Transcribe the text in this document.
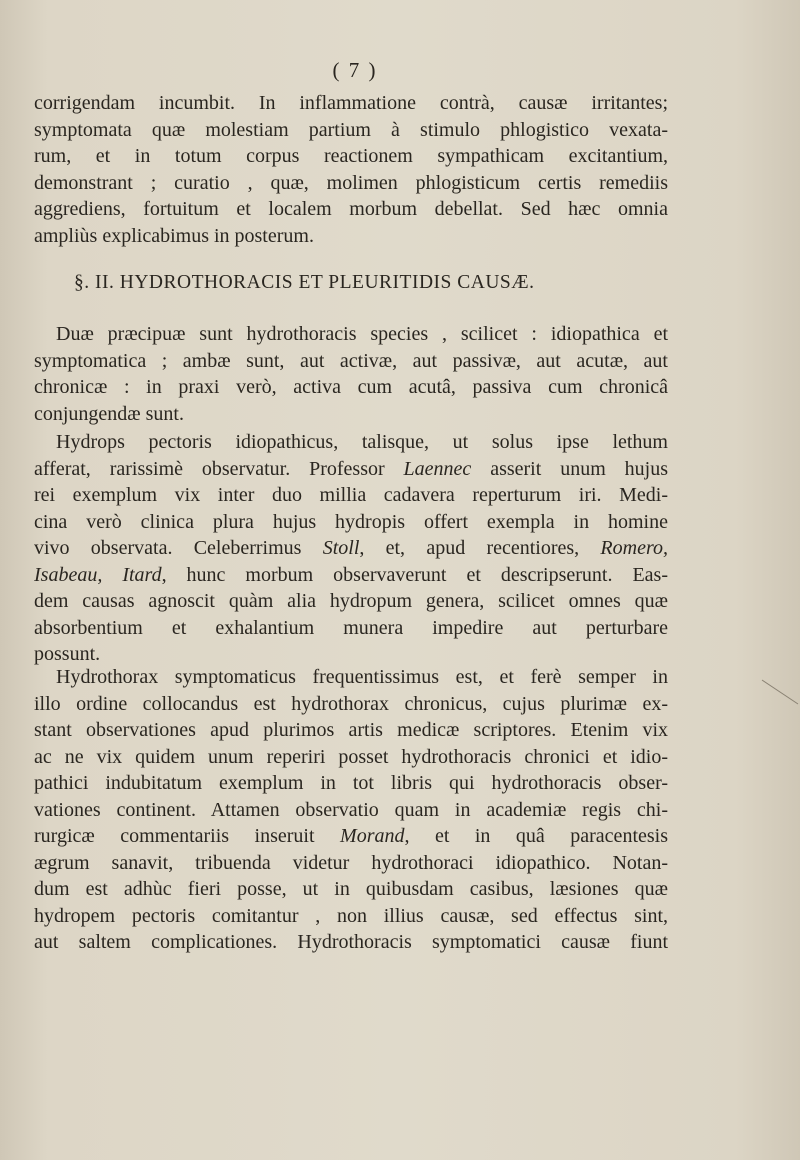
( 7 )
corrigendam incumbit. In inflammatione contrà, causæ irritantes;
symptomata quæ molestiam partium à stimulo phlogistico vexata-
rum, et in totum corpus reactionem sympathicam excitantium,
demonstrant ; curatio , quæ, molimen phlogisticum certis remediis
aggrediens, fortuitum et localem morbum debellat. Sed hæc omnia
ampliùs explicabimus in posterum.
§. II. HYDROTHORACIS ET PLEURITIDIS CAUSÆ.
Duæ præcipuæ sunt hydrothoracis species , scilicet : idiopathica et
symptomatica ; ambæ sunt, aut activæ, aut passivæ, aut acutæ, aut
chronicæ : in praxi verò, activa cum acutâ, passiva cum chronicâ
conjungendæ sunt.
Hydrops pectoris idiopathicus, talisque, ut solus ipse lethum
afferat, rarissimè observatur. Professor Laennec asserit unum hujus
rei exemplum vix inter duo millia cadavera reperturum iri. Medi-
cina verò clinica plura hujus hydropis offert exempla in homine
vivo observata. Celeberrimus Stoll, et, apud recentiores, Romero,
Isabeau, Itard, hunc morbum observaverunt et descripserunt. Eas-
dem causas agnoscit quàm alia hydropum genera, scilicet omnes quæ
absorbentium et exhalantium munera impedire aut perturbare
possunt.
Hydrothorax symptomaticus frequentissimus est, et ferè semper in
illo ordine collocandus est hydrothorax chronicus, cujus plurimæ ex-
stant observationes apud plurimos artis medicæ scriptores. Etenim vix
ac ne vix quidem unum reperiri posset hydrothoracis chronici et idio-
pathici indubitatum exemplum in tot libris qui hydrothoracis obser-
vationes continent. Attamen observatio quam in academiæ regis chi-
rurgicæ commentariis inseruit Morand, et in quâ paracentesis
ægrum sanavit, tribuenda videtur hydrothoraci idiopathico. Notan-
dum est adhùc fieri posse, ut in quibusdam casibus, læsiones quæ
hydropem pectoris comitantur , non illius causæ, sed effectus sint,
aut saltem complicationes. Hydrothoracis symptomatici causæ fiunt
